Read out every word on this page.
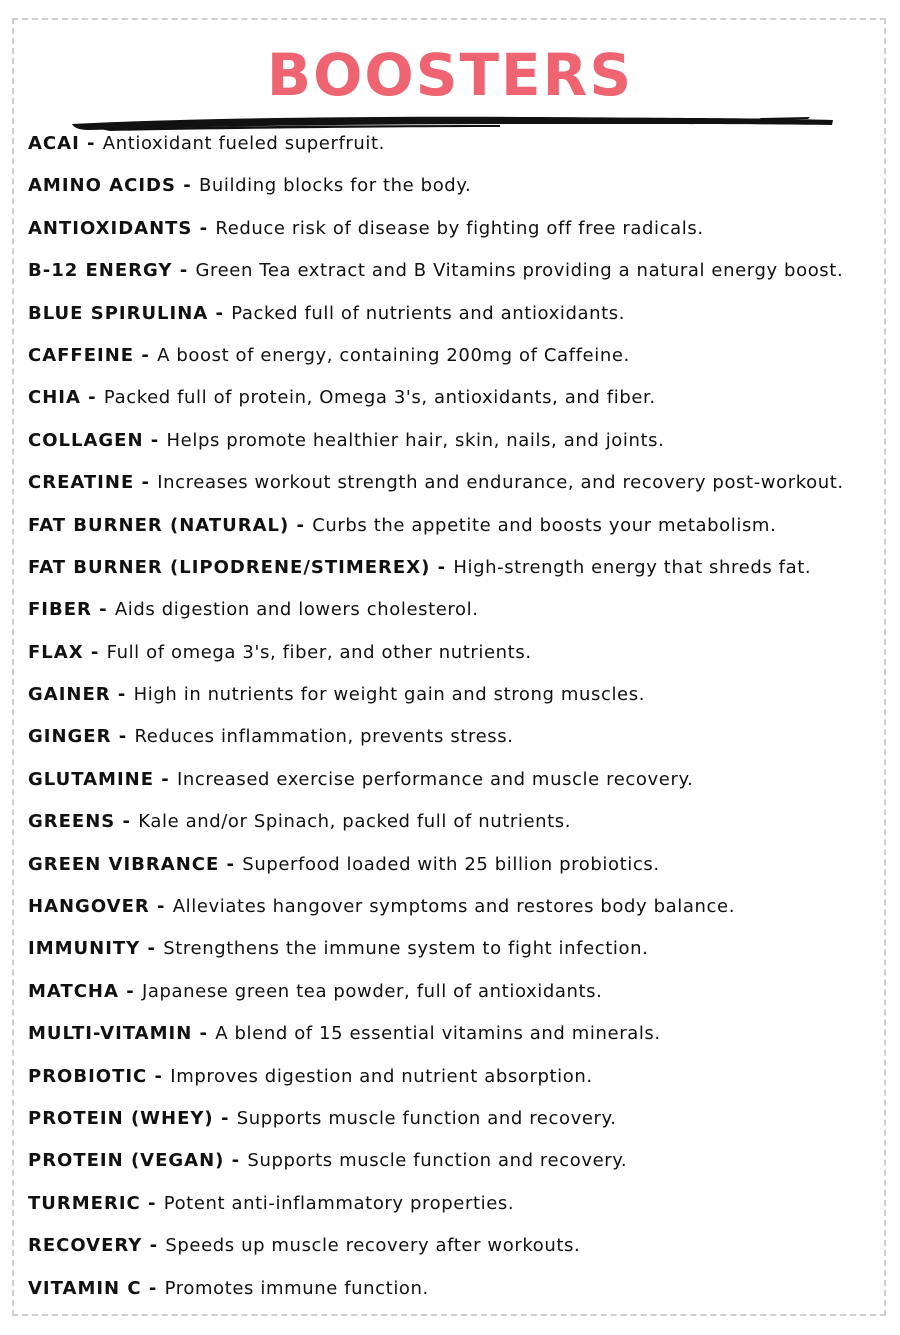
BOOSTERS
ACAI - Antioxidant fueled superfruit.
AMINO ACIDS - Building blocks for the body.
ANTIOXIDANTS - Reduce risk of disease by fighting off free radicals.
B-12 ENERGY - Green Tea extract and B Vitamins providing a natural energy boost.
BLUE SPIRULINA - Packed full of nutrients and antioxidants.
CAFFEINE - A boost of energy, containing 200mg of Caffeine.
CHIA - Packed full of protein, Omega 3's, antioxidants, and fiber.
COLLAGEN - Helps promote healthier hair, skin, nails, and joints.
CREATINE - Increases workout strength and endurance, and recovery post-workout.
FAT BURNER (NATURAL) - Curbs the appetite and boosts your metabolism.
FAT BURNER (LIPODRENE/STIMEREX) - High-strength energy that shreds fat.
FIBER - Aids digestion and lowers cholesterol.
FLAX - Full of omega 3's, fiber, and other nutrients.
GAINER - High in nutrients for weight gain and strong muscles.
GINGER - Reduces inflammation, prevents stress.
GLUTAMINE - Increased exercise performance and muscle recovery.
GREENS - Kale and/or Spinach, packed full of nutrients.
GREEN VIBRANCE - Superfood loaded with 25 billion probiotics.
HANGOVER - Alleviates hangover symptoms and restores body balance.
IMMUNITY - Strengthens the immune system to fight infection.
MATCHA - Japanese green tea powder, full of antioxidants.
MULTI-VITAMIN - A blend of 15 essential vitamins and minerals.
PROBIOTIC - Improves digestion and nutrient absorption.
PROTEIN (WHEY) - Supports muscle function and recovery.
PROTEIN (VEGAN) - Supports muscle function and recovery.
TURMERIC - Potent anti-inflammatory properties.
RECOVERY - Speeds up muscle recovery after workouts.
VITAMIN C - Promotes immune function.
